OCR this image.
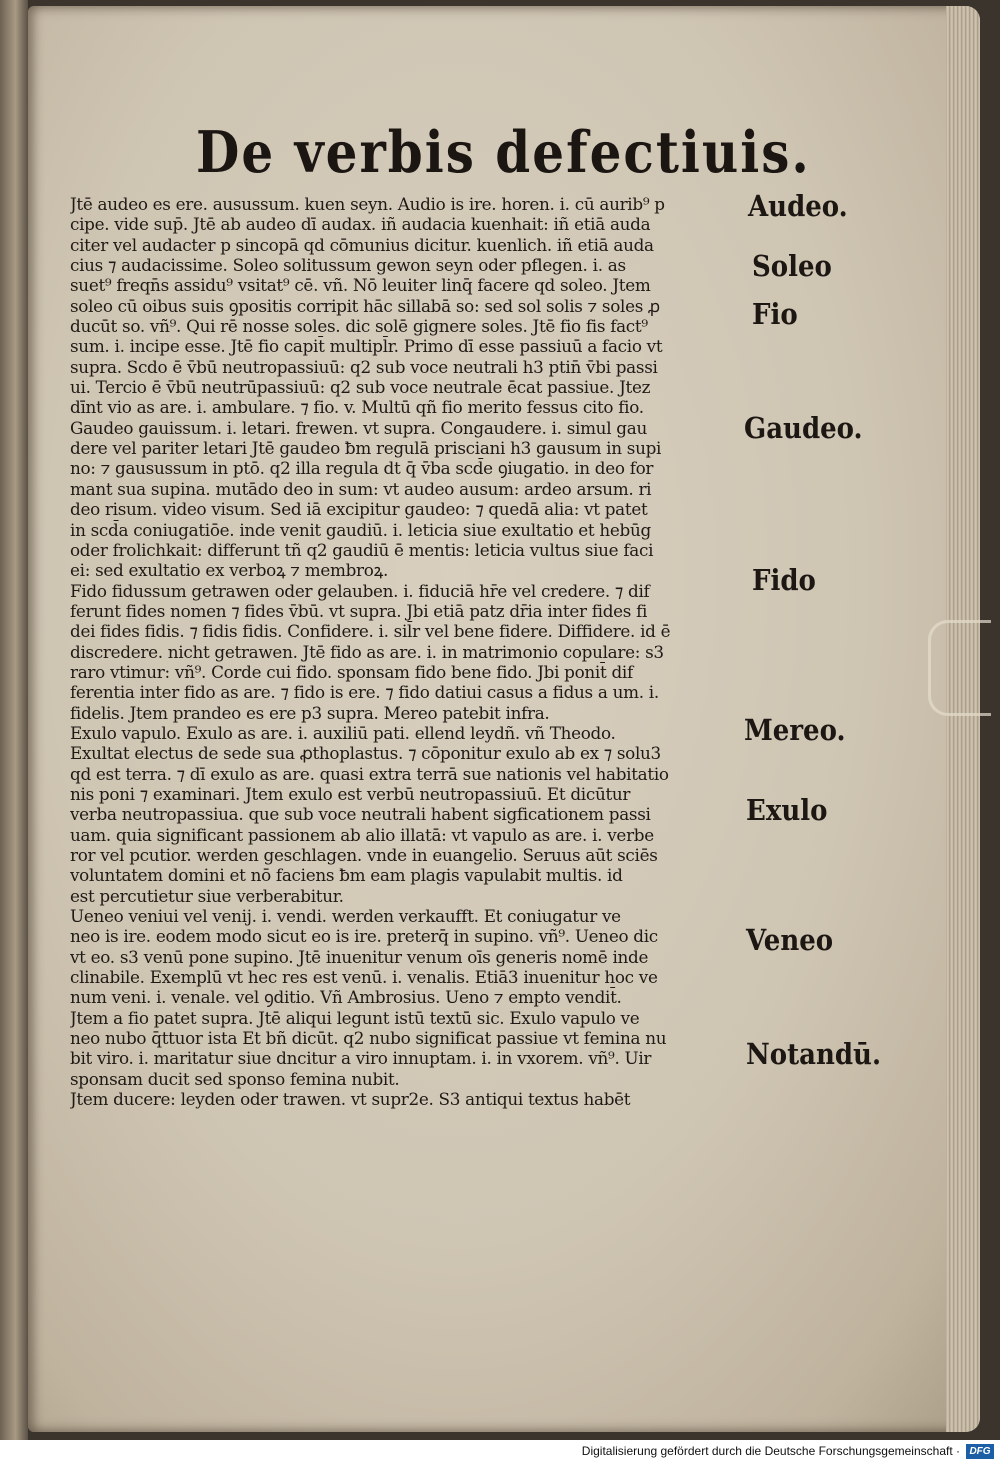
De verbis defectiuis.
Jtē audeo es ere. ausussum. kuen seyn. Audio is ire. horen. i. cū aurib⁹ p
cipe. vide sup̄. Jtē ab audeo dī audax. iñ audacia kuenhait: iñ etiā auda
citer vel audacter p sincopā qd cōmunius dicitur. kuenlich. iñ etiā auda
cius ⁊ audacissime. Soleo solitussum gewon seyn oder pflegen. i. as
suet⁹ freqn̄s assidu⁹ vsitat⁹ cē. vñ. Nō leuiter linq̄ facere qd soleo. Jtem
soleo cū oibus suis ꝯpositis corripit hāc sillabā so: sed sol solis ⁊ soles ꝓ
ducūt so. vñ⁹. Qui rē nosse soles. dic solē gignere soles. Jtē fio fis fact⁹
sum. i. incipe esse. Jtē fio capit̄ multipl̄r. Primo dī esse passiuū a facio vt
supra. Scdo ē v̄bū neutropassiuū: q2 sub voce neutrali h3 ptin̄ v̄bi passi
ui. Tercio ē v̄bū neutrūpassiuū: q2 sub voce neutrale ēcat passiue. Jtez
dīnt vio as are. i. ambulare. ⁊ fio. v. Multū qñ fio merito fessus cito fio.
Gaudeo gauissum. i. letari. frewen. vt supra. Congaudere. i. simul gau
dere vel pariter letari Jtē gaudeo ƀm regulā prisciani h3 gausum in supi
no: ⁊ gausussum in ptō. q2 illa regula dt q̄ v̄ba scd̄e ꝯiugatio. in deo for
mant sua supina. mutādo deo in sum: vt audeo ausum: ardeo arsum. ri
deo risum. video visum. Sed iā excipitur gaudeo: ⁊ quedā alia: vt patet
in scd̄a coniugatiōe. inde venit gaudiū. i. leticia siue exultatio et hebūg
oder frolichkait: differunt tñ q2 gaudiū ē mentis: leticia vultus siue faci
ei: sed exultatio ex verboꝝ ⁊ membroꝝ.
Fido fidussum getrawen oder gelauben. i. fiduciā hr̄e vel credere. ⁊ dif
ferunt fides nomen ⁊ fides v̄bū. vt supra. Jbi etiā patz dr̄ia inter fides fi
dei fides fidis. ⁊ fidis fidis. Confidere. i. sil̄r vel bene fidere. Diffidere. id ē
discredere. nicht getrawen. Jtē fido as are. i. in matrimonio copulare: s3
raro vtimur: vñ⁹. Corde cui fido. sponsam fido bene fido. Jbi ponit̄ dif
ferentia inter fido as are. ⁊ fido is ere. ⁊ fido datiui casus a fidus a um. i.
fidelis. Jtem prandeo es ere p3 supra. Mereo patebit infra.
Exulo vapulo. Exulo as are. i. auxiliū pati. ellend leydñ. vñ Theodo.
Exultat electus de sede sua ꝓthoplastus. ⁊ cōponitur exulo ab ex ⁊ solu3
qd est terra. ⁊ dī exulo as are. quasi extra terrā sue nationis vel habitatio
nis poni ⁊ examinari. Jtem exulo est verbū neutropassiuū. Et dicūtur
verba neutropassiua. que sub voce neutrali habent sigficationem passi
uam. quia significant passionem ab alio illatā: vt vapulo as are. i. verbe
ror vel pcutior. werden geschlagen. vnde in euangelio. Seruus aūt sciēs
voluntatem domini et nō faciens ƀm eam plagis vapulabit multis. id
est percutietur siue verberabitur.
Ueneo veniui vel venij. i. vendi. werden verkaufft. Et coniugatur ve
neo is ire. eodem modo sicut eo is ire. preterq̄ in supino. vñ⁹. Ueneo dic
vt eo. s3 venū pone supino. Jtē inuenitur venum oīs generis nomē inde
clinabile. Exemplū vt hec res est venū. i. venalis. Etiā3 inuenitur hoc ve
num veni. i. venale. vel ꝯditio. Vñ Ambrosius. Ueno ⁊ empto vendit̄.
Jtem a fio patet supra. Jtē aliqui legunt istū textū sic. Exulo vapulo ve
neo nubo q̄ttuor ista Et bñ dicūt. q2 nubo significat passiue vt femina nu
bit viro. i. maritatur siue dncitur a viro innuptam. i. in vxorem. vñ⁹. Uir
sponsam ducit sed sponso femina nubit.
Jtem ducere: leyden oder trawen. vt supr2e. S3 antiqui textus habēt
Audeo.
Soleo
Fio
Gaudeo.
Fido
Mereo.
Exulo
Veneo
Notandū.
Digitalisierung gefördert durch die Deutsche Forschungsgemeinschaft · DFG
